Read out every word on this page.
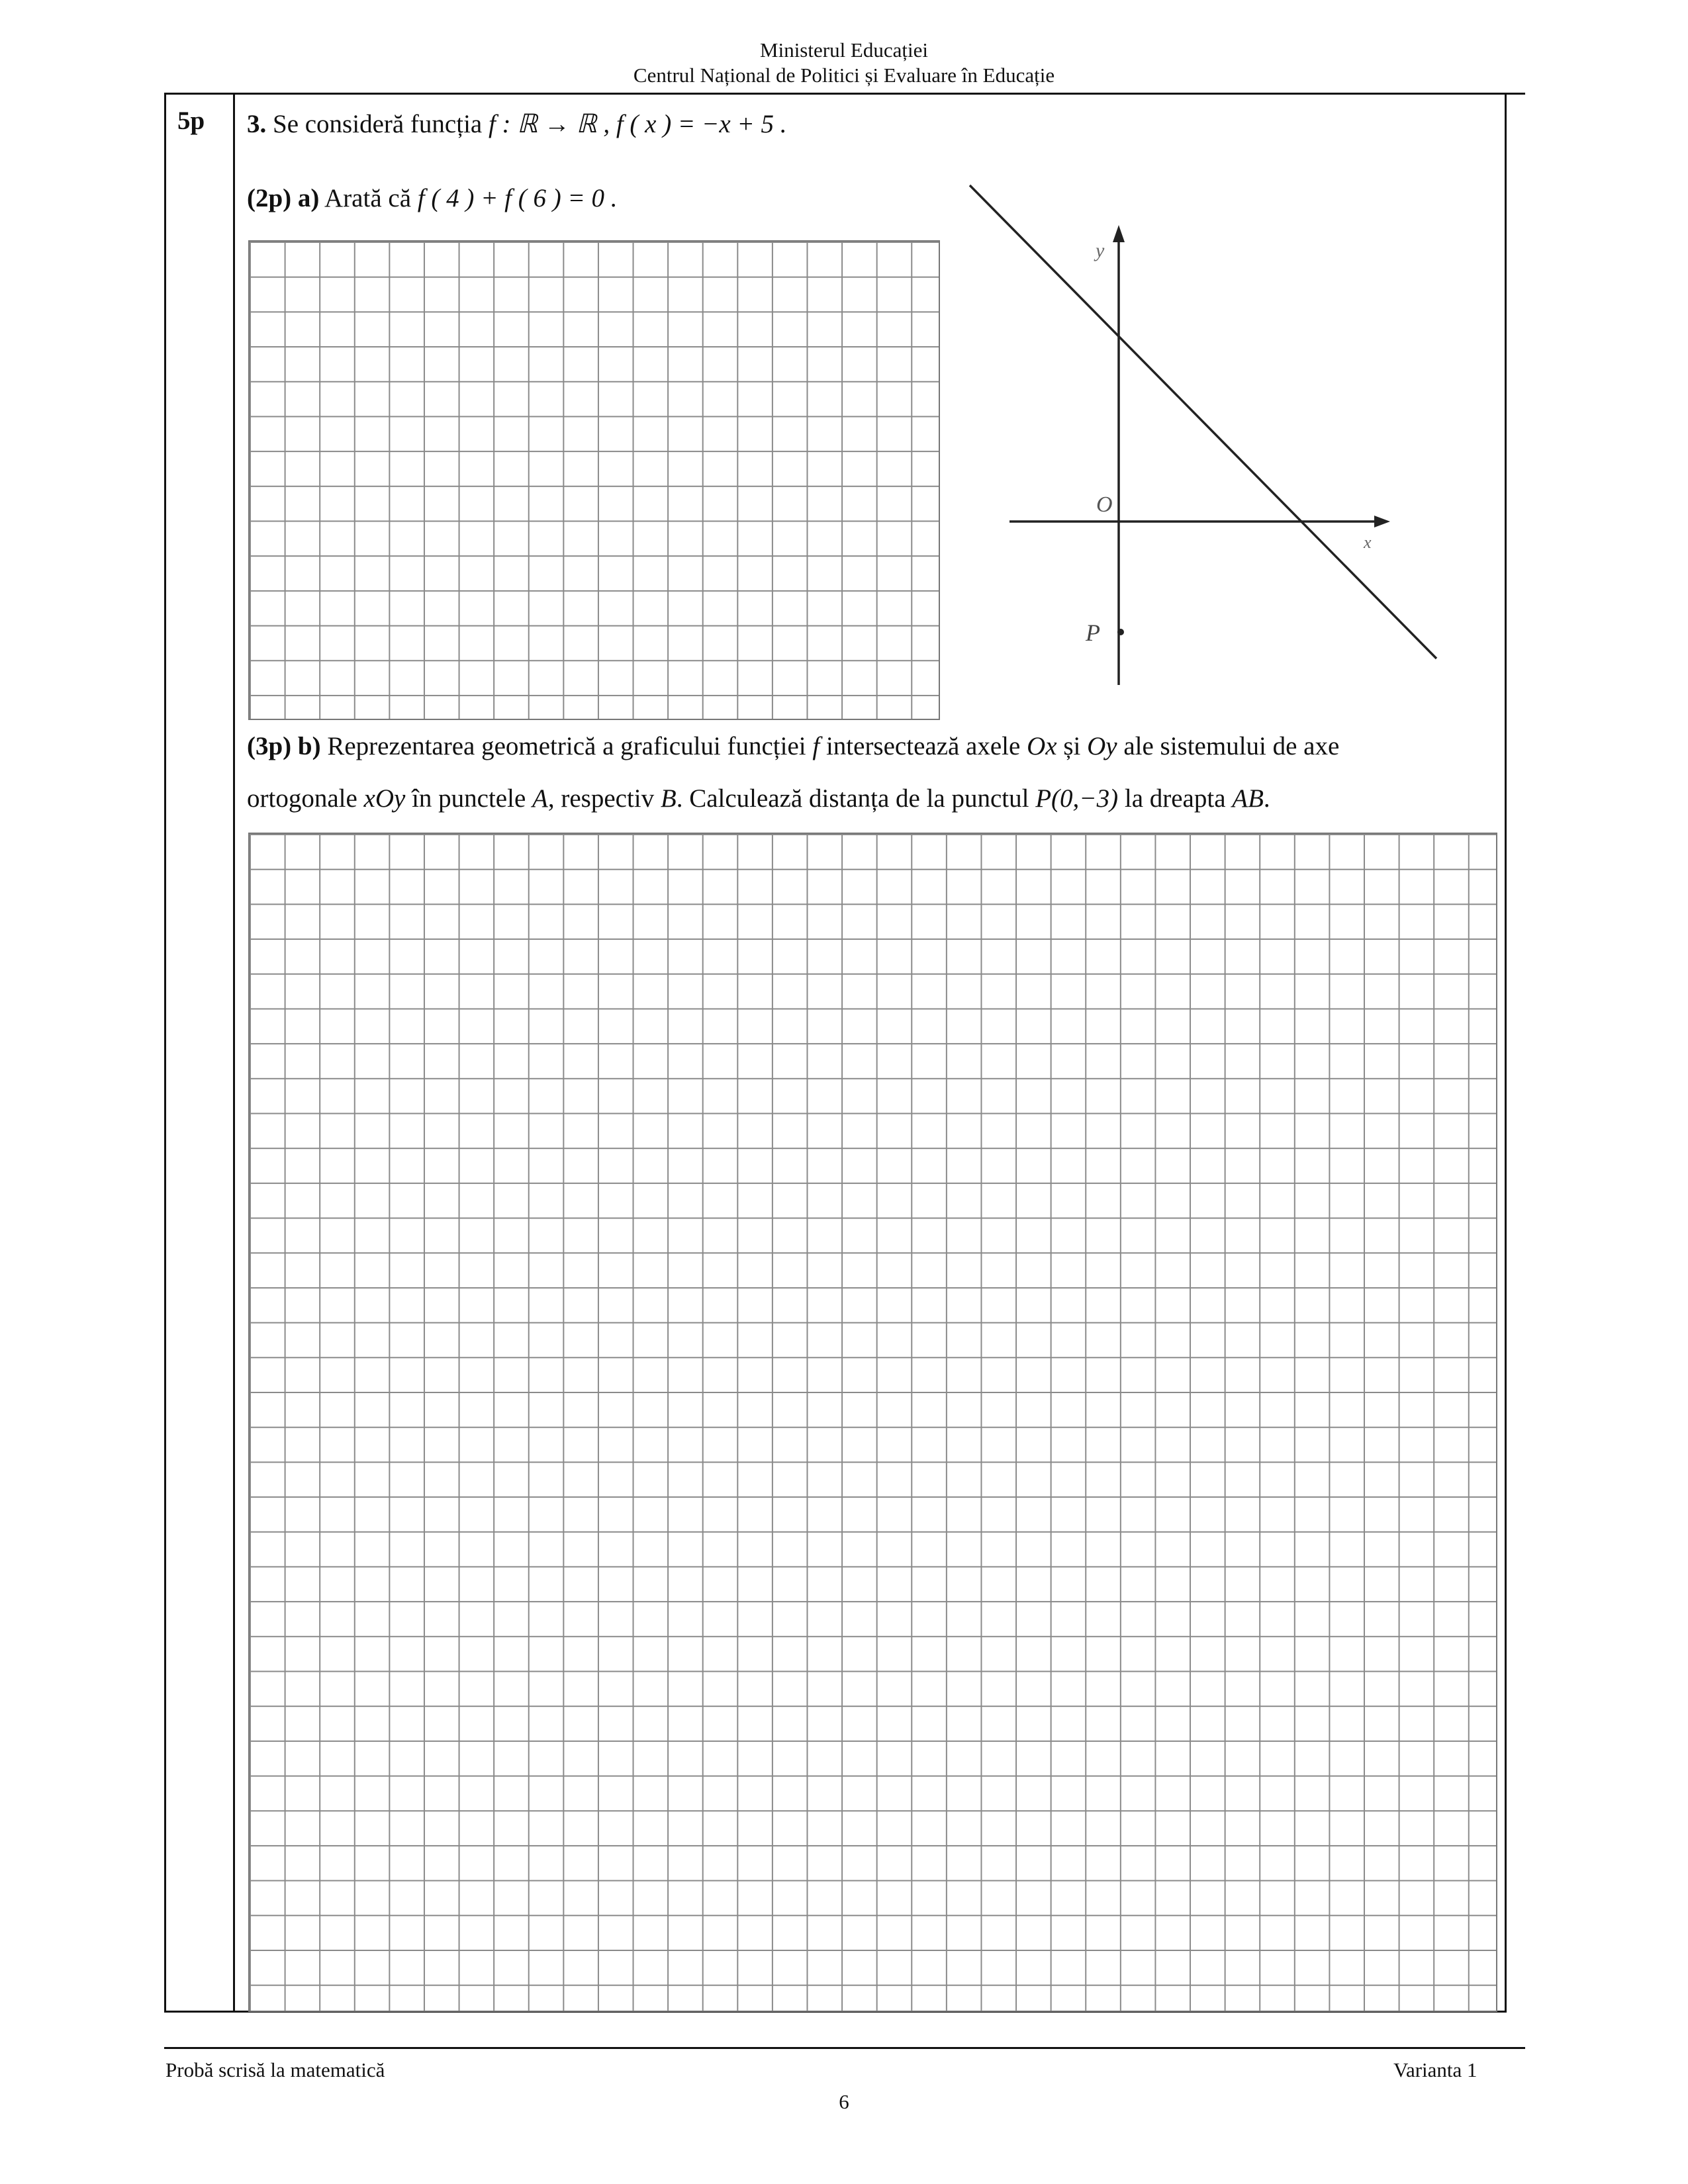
Ministerul Educației
Centrul Național de Politici și Evaluare în Educație
5p 3. Se consideră funcția f : ℝ → ℝ , f ( x ) = −x + 5 .
(2p) a) Arată că f ( 4 ) + f ( 6 ) = 0 .
y
x
O
P
(3p) b) Reprezentarea geometrică a graficului funcției f intersectează axele Ox și Oy ale sistemului de axe
ortogonale xOy în punctele A, respectiv B. Calculează distanța de la punctul P(0,−3) la dreapta AB.
Probă scrisă la matematică	Varianta 1
6
